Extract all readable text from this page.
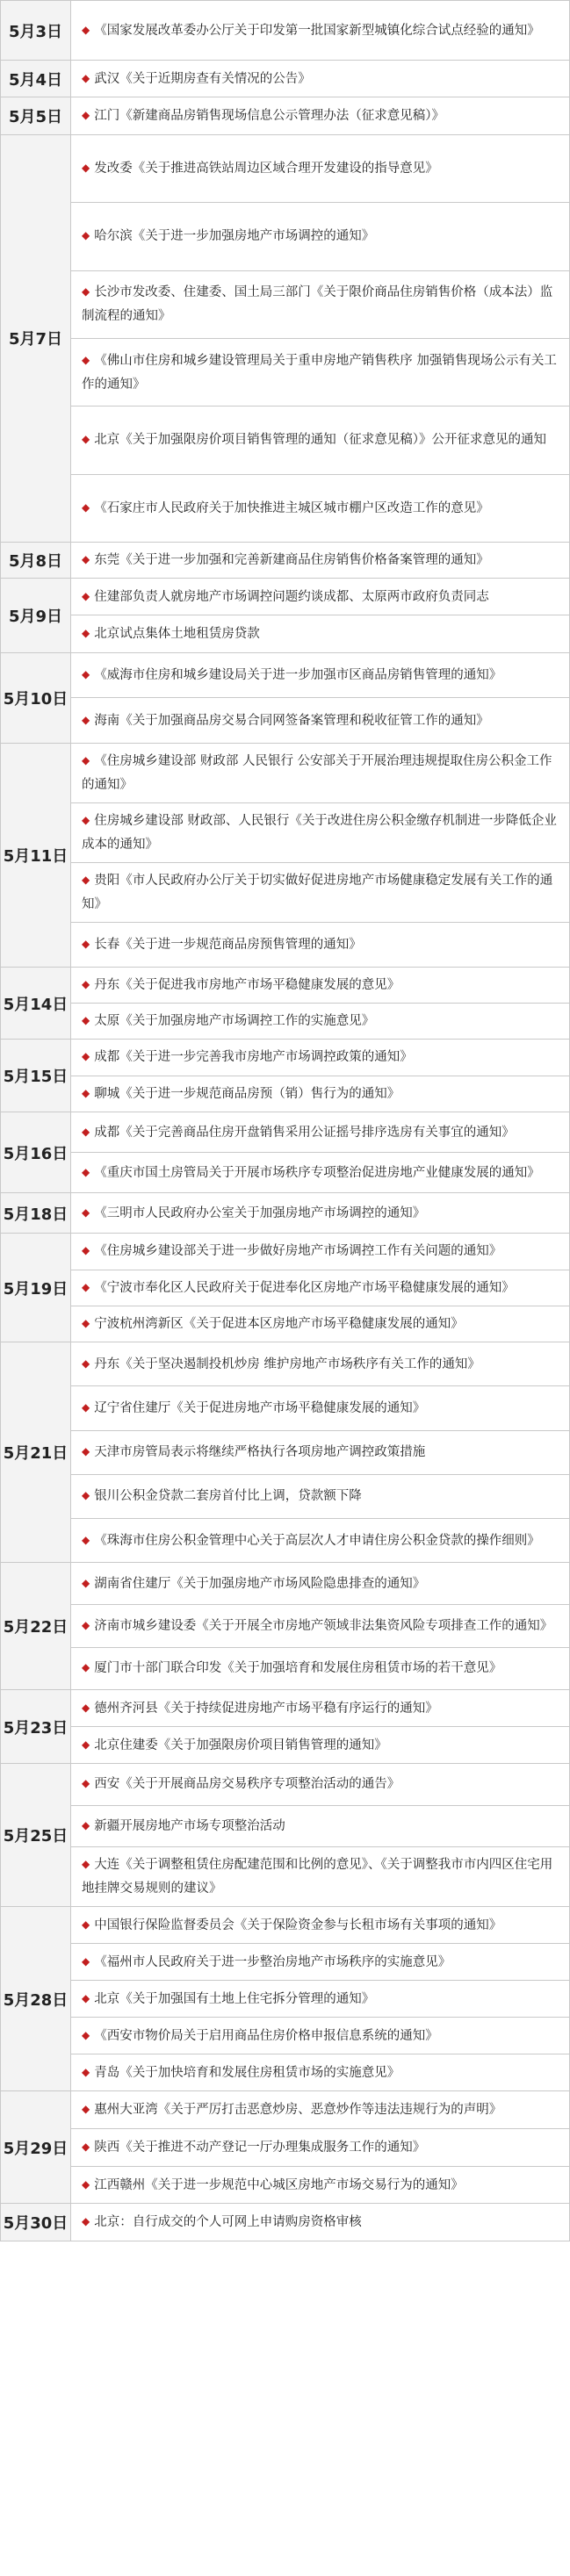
5月3日	◆ 《国家发展改革委办公厅关于印发第一批国家新型城镇化综合试点经验的通知》
5月4日	◆ 武汉《关于近期房查有关情况的公告》
5月5日	◆ 江门《新建商品房销售现场信息公示管理办法（征求意见稿）》
5月7日	◆ 发改委《关于推进高铁站周边区域合理开发建设的指导意见》
	◆ 哈尔滨《关于进一步加强房地产市场调控的通知》
	◆ 长沙市发改委、住建委、国土局三部门《关于限价商品住房销售价格（成本法）监制流程的通知》
	◆ 《佛山市住房和城乡建设管理局关于重申房地产销售秩序 加强销售现场公示有关工作的通知》
	◆ 北京《关于加强限房价项目销售管理的通知（征求意见稿）》公开征求意见的通知
	◆ 《石家庄市人民政府关于加快推进主城区城市棚户区改造工作的意见》
5月8日	◆ 东莞《关于进一步加强和完善新建商品住房销售价格备案管理的通知》
5月9日	◆ 住建部负责人就房地产市场调控问题约谈成都、太原两市政府负责同志
	◆ 北京试点集体土地租赁房贷款
5月10日	◆ 《威海市住房和城乡建设局关于进一步加强市区商品房销售管理的通知》
	◆ 海南《关于加强商品房交易合同网签备案管理和税收征管工作的通知》
5月11日	◆ 《住房城乡建设部 财政部 人民银行 公安部关于开展治理违规提取住房公积金工作的通知》
	◆ 住房城乡建设部 财政部、人民银行《关于改进住房公积金缴存机制进一步降低企业成本的通知》
	◆ 贵阳《市人民政府办公厅关于切实做好促进房地产市场健康稳定发展有关工作的通知》
	◆ 长春《关于进一步规范商品房预售管理的通知》
5月14日	◆ 丹东《关于促进我市房地产市场平稳健康发展的意见》
	◆ 太原《关于加强房地产市场调控工作的实施意见》
5月15日	◆ 成都《关于进一步完善我市房地产市场调控政策的通知》
	◆ 聊城《关于进一步规范商品房预（销）售行为的通知》
5月16日	◆ 成都《关于完善商品住房开盘销售采用公证摇号排序选房有关事宜的通知》
	◆ 《重庆市国土房管局关于开展市场秩序专项整治促进房地产业健康发展的通知》
5月18日	◆ 《三明市人民政府办公室关于加强房地产市场调控的通知》
5月19日	◆ 《住房城乡建设部关于进一步做好房地产市场调控工作有关问题的通知》
	◆ 《宁波市奉化区人民政府关于促进奉化区房地产市场平稳健康发展的通知》
	◆ 宁波杭州湾新区《关于促进本区房地产市场平稳健康发展的通知》
5月21日	◆ 丹东《关于坚决遏制投机炒房 维护房地产市场秩序有关工作的通知》
	◆ 辽宁省住建厅《关于促进房地产市场平稳健康发展的通知》
	◆ 天津市房管局表示将继续严格执行各项房地产调控政策措施
	◆ 银川公积金贷款二套房首付比上调，贷款额下降
	◆ 《珠海市住房公积金管理中心关于高层次人才申请住房公积金贷款的操作细则》
5月22日	◆ 湖南省住建厅《关于加强房地产市场风险隐患排查的通知》
	◆ 济南市城乡建设委《关于开展全市房地产领域非法集资风险专项排查工作的通知》
	◆ 厦门市十部门联合印发《关于加强培育和发展住房租赁市场的若干意见》
5月23日	◆ 德州齐河县《关于持续促进房地产市场平稳有序运行的通知》
	◆ 北京住建委《关于加强限房价项目销售管理的通知》
5月25日	◆ 西安《关于开展商品房交易秩序专项整治活动的通告》
	◆ 新疆开展房地产市场专项整治活动
	◆ 大连《关于调整租赁住房配建范围和比例的意见》、《关于调整我市市内四区住宅用地挂牌交易规则的建议》
5月28日	◆ 中国银行保险监督委员会《关于保险资金参与长租市场有关事项的通知》
	◆ 《福州市人民政府关于进一步整治房地产市场秩序的实施意见》
	◆ 北京《关于加强国有土地上住宅拆分管理的通知》
	◆ 《西安市物价局关于启用商品住房价格申报信息系统的通知》
	◆ 青岛《关于加快培育和发展住房租赁市场的实施意见》
5月29日	◆ 惠州大亚湾《关于严厉打击恶意炒房、恶意炒作等违法违规行为的声明》
	◆ 陕西《关于推进不动产登记一厅办理集成服务工作的通知》
	◆ 江西赣州《关于进一步规范中心城区房地产市场交易行为的通知》
5月30日	◆ 北京：自行成交的个人可网上申请购房资格审核
